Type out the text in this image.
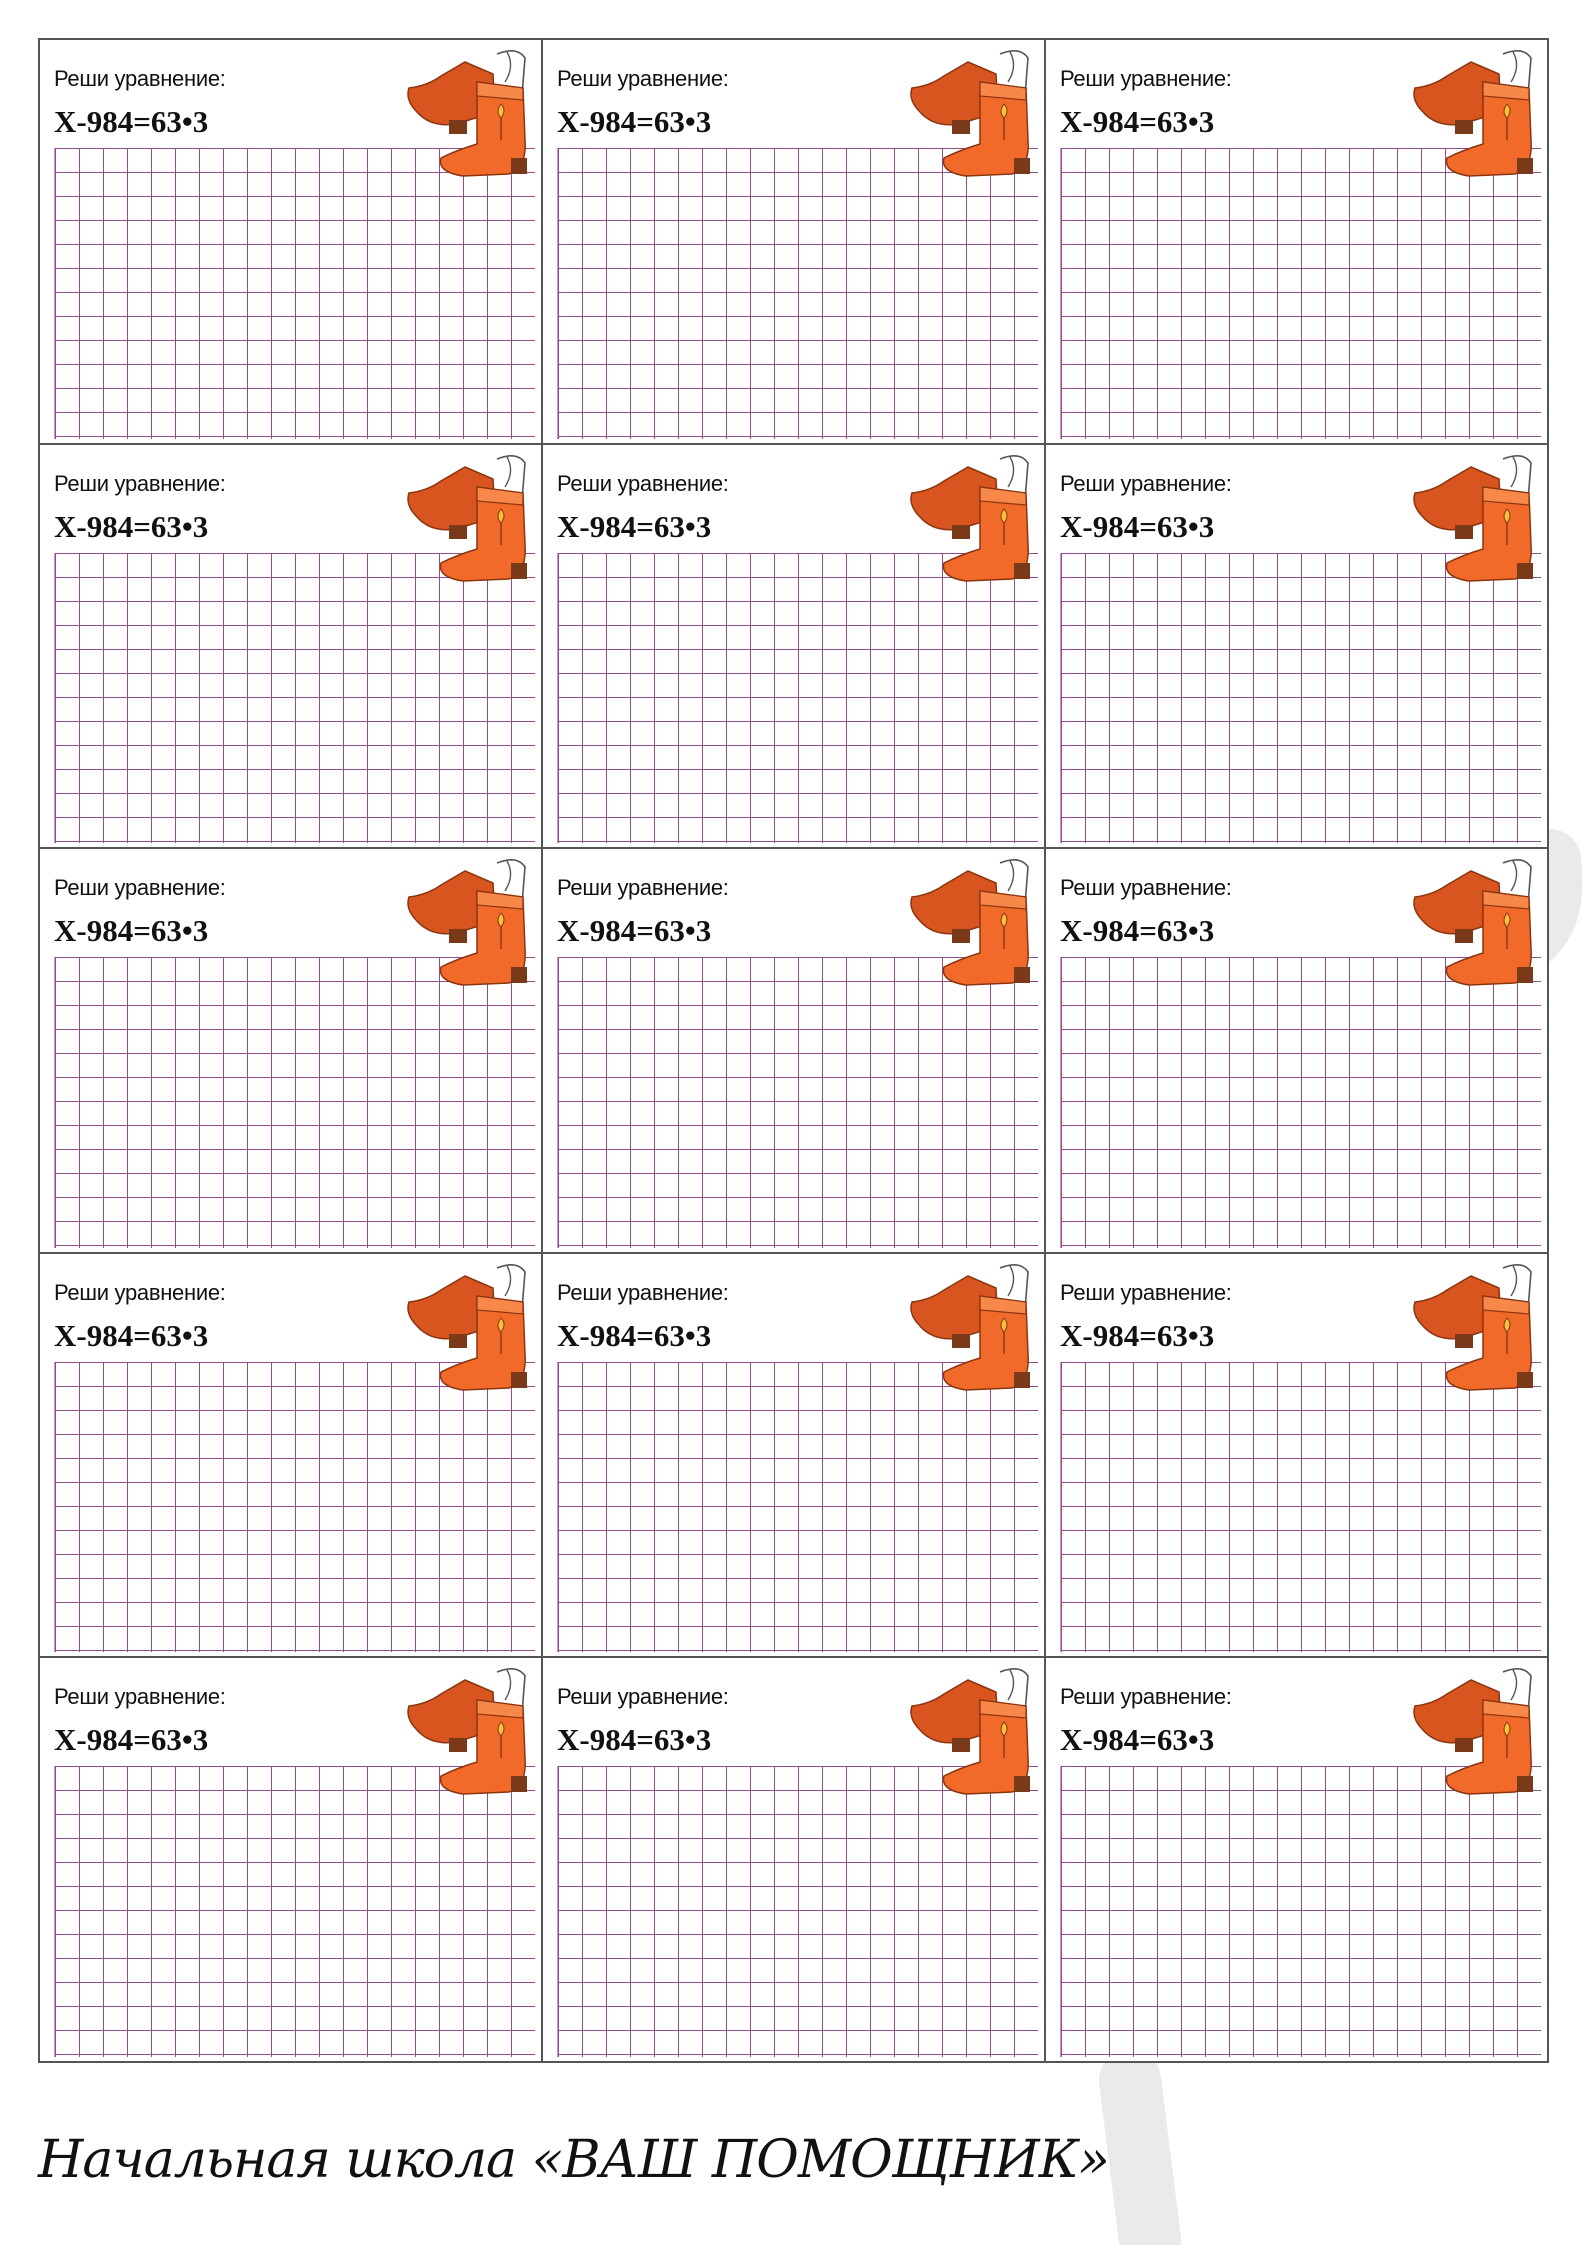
Реши уравнение:
X-984=63•3
Реши уравнение:
X-984=63•3
Реши уравнение:
X-984=63•3
Реши уравнение:
X-984=63•3
Реши уравнение:
X-984=63•3
Реши уравнение:
X-984=63•3
Реши уравнение:
X-984=63•3
Реши уравнение:
X-984=63•3
Реши уравнение:
X-984=63•3
Реши уравнение:
X-984=63•3
Реши уравнение:
X-984=63•3
Реши уравнение:
X-984=63•3
Реши уравнение:
X-984=63•3
Реши уравнение:
X-984=63•3
Реши уравнение:
X-984=63•3
Начальная школа «ВАШ ПОМОЩНИК»
